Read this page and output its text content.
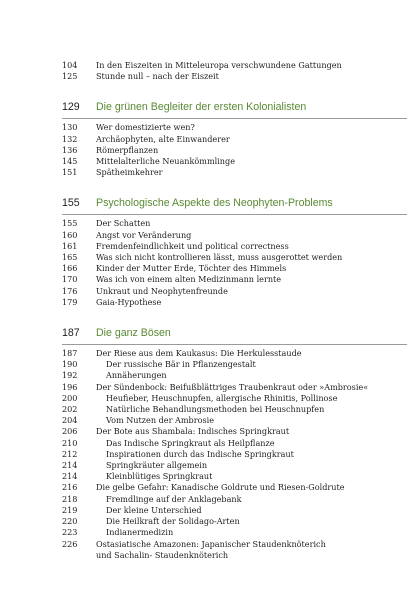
104	In den Eiszeiten in Mitteleuropa verschwundene Gattungen
125	Stunde null – nach der Eiszeit
129	Die grünen Begleiter der ersten Kolonialisten
130	Wer domestizierte wen?
132	Archäophyten, alte Einwanderer
136	Römerpflanzen
145	Mittelalterliche Neuankömmlinge
151	Spätheimkehrer
155	Psychologische Aspekte des Neophyten-Problems
155	Der Schatten
160	Angst vor Veränderung
161	Fremdenfeindlichkeit und political correctness
165	Was sich nicht kontrollieren lässt, muss ausgerottet werden
166	Kinder der Mutter Erde, Töchter des Himmels
170	Was ich von einem alten Medizinmann lernte
176	Unkraut und Neophytenfreunde
179	Gaia-Hypothese
187	Die ganz Bösen
187	Der Riese aus dem Kaukasus: Die Herkulesstaude
190	Der russische Bär in Pflanzengestalt
192	Annäherungen
196	Der Sündenbock: Beifußblättriges Traubenkraut oder »Ambrosie«
200	Heufieber, Heuschnupfen, allergische Rhinitis, Pollinose
202	Natürliche Behandlungsmethoden bei Heuschnupfen
204	Vom Nutzen der Ambrosie
206	Der Bote aus Shambala: Indisches Springkraut
210	Das Indische Springkraut als Heilpflanze
212	Inspirationen durch das Indische Springkraut
214	Springkräuter allgemein
214	Kleinblütiges Springkraut
216	Die gelbe Gefahr: Kanadische Goldrute und Riesen-Goldrute
218	Fremdlinge auf der Anklagebank
219	Der kleine Unterschied
220	Die Heilkraft der Solidago-Arten
223	Indianermedizin
226	Ostasiatische Amazonen: Japanischer Staudenknöterich
und Sachalin- Staudenknöterich
